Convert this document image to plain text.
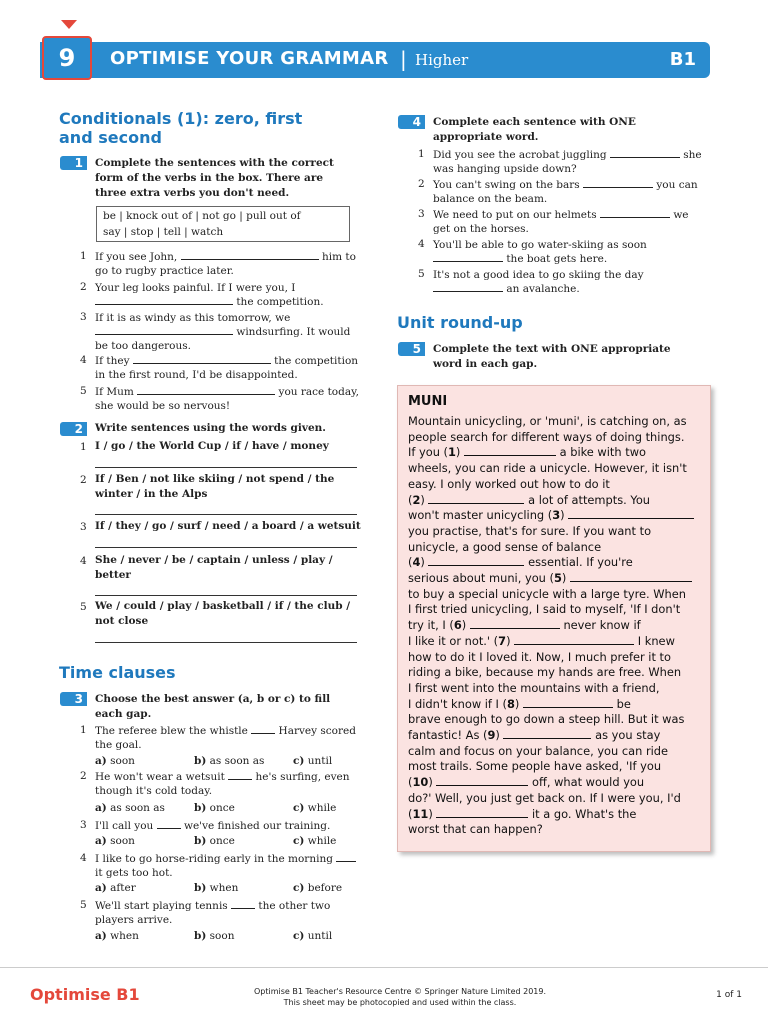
9	OPTIMISE YOUR GRAMMAR | Higher	B1
Conditionals (1): zero, first and second
1	Complete the sentences with the correct
form of the verbs in the box. There are
three extra verbs you don't need.
be | knock out of | not go | pull out of
say | stop | tell | watch
1 If you see John,	him to
go to rugby practice later.
2 Your leg looks painful. If I were you, I
the competition.
3 If it is as windy as this tomorrow, we
windsurfing. It would
be too dangerous.
4 If they	the competition
in the first round, I'd be disappointed.
5 If Mum	you race today,
she would be so nervous!
2	Write sentences using the words given.
1 I / go / the World Cup / if / have / money
2 If / Ben / not like skiing / not spend / the
winter / in the Alps
3 If / they / go / surf / need / a board / a wetsuit
4 She / never / be / captain / unless / play /
better
5 We / could / play / basketball / if / the club /
not close
Time clauses
3	Choose the best answer (a, b or c) to fill
each gap.
1 The referee blew the whistle  Harvey scored
the goal.
a) soon	b) as soon as	c) until
2 He won't wear a wetsuit  he's surfing, even
though it's cold today.
a) as soon as	b) once	c) while
3 I'll call you  we've finished our training.
a) soon	b) once	c) while
4 I like to go horse-riding early in the morning
it gets too hot.
a) after	b) when	c) before
5 We'll start playing tennis  the other two
players arrive.
a) when	b) soon	c) until
4	Complete each sentence with ONE
appropriate word.
1 Did you see the acrobat juggling	she
was hanging upside down?
2 You can't swing on the bars	you can
balance on the beam.
3 We need to put on our helmets	we
get on the horses.
4 You'll be able to go water-skiing as soon
the boat gets here.
5 It's not a good idea to go skiing the day
an avalanche.
Unit round-up
5	Complete the text with ONE appropriate
word in each gap.
MUNI
Mountain unicycling, or 'muni', is catching on, as
people search for different ways of doing things.
If you (1)	a bike with two
wheels, you can ride a unicycle. However, it isn't
easy. I only worked out how to do it
(2)	a lot of attempts. You
won't master unicycling (3)
you practise, that's for sure. If you want to
unicycle, a good sense of balance
(4)	essential. If you're
serious about muni, you (5)
to buy a special unicycle with a large tyre. When
I first tried unicycling, I said to myself, 'If I don't
try it, I (6)	never know if
I like it or not.' (7)	I knew
how to do it I loved it. Now, I much prefer it to
riding a bike, because my hands are free. When
I first went into the mountains with a friend,
I didn't know if I (8)	be
brave enough to go down a steep hill. But it was
fantastic! As (9)	as you stay
calm and focus on your balance, you can ride
most trails. Some people have asked, 'If you
(10)	off, what would you
do?' Well, you just get back on. If I were you, I'd
(11)	it a go. What's the
worst that can happen?
Optimise B1	Optimise B1 Teacher's Resource Centre © Springer Nature Limited 2019.
This sheet may be photocopied and used within the class.
1 of 1
